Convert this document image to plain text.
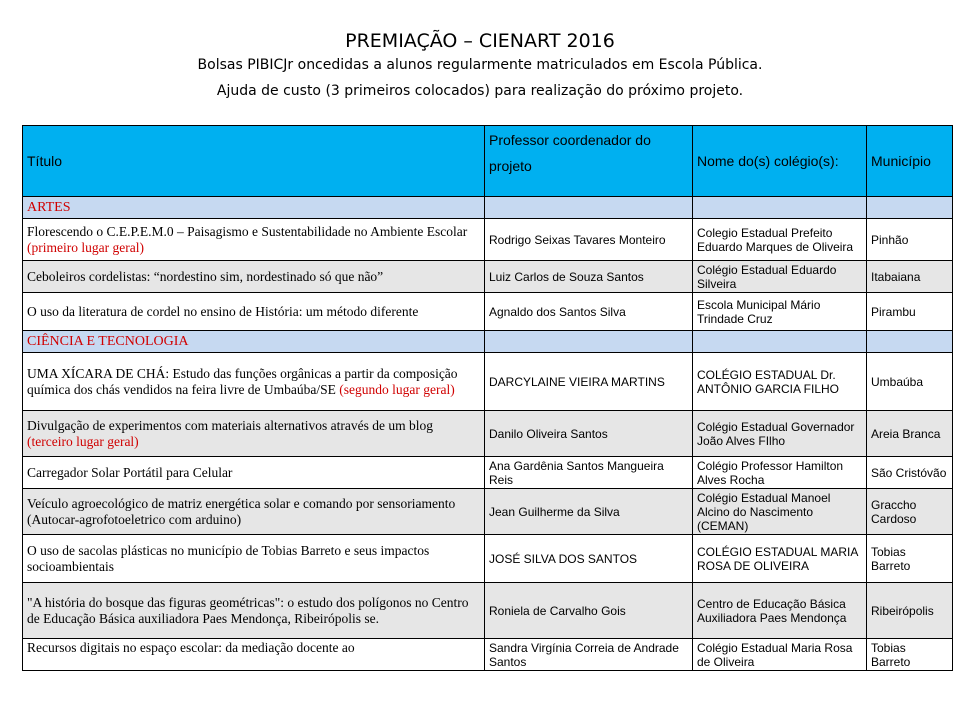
PREMIAÇÃO – CIENART 2016
Bolsas PIBICJr oncedidas a alunos regularmente matriculados em Escola Pública.
Ajuda de custo (3 primeiros colocados) para realização do próximo projeto.
Título	Professor coordenador do projeto	Nome do(s) colégio(s):	Município
ARTES			
Florescendo o C.E.P.E.M.0 – Paisagismo e Sustentabilidade no Ambiente Escolar (primeiro lugar geral)	Rodrigo Seixas Tavares Monteiro	Colegio Estadual Prefeito Eduardo Marques de Oliveira	Pinhão
Ceboleiros cordelistas: “nordestino sim, nordestinado só que não”	Luiz Carlos de Souza Santos	Colégio Estadual Eduardo Silveira	Itabaiana
O uso da literatura de cordel no ensino de História: um método diferente	Agnaldo dos Santos Silva	Escola Municipal Mário Trindade Cruz	Pirambu
CIÊNCIA E TECNOLOGIA			
UMA XÍCARA DE CHÁ: Estudo das funções orgânicas a partir da composição química dos chás vendidos na feira livre de Umbaúba/SE (segundo lugar geral)	DARCYLAINE VIEIRA MARTINS	COLÉGIO ESTADUAL Dr. ANTÔNIO GARCIA FILHO	Umbaúba
Divulgação de experimentos com materiais alternativos através de um blog (terceiro lugar geral)	Danilo Oliveira Santos	Colégio Estadual Governador João Alves FIlho	Areia Branca
Carregador Solar Portátil para Celular	Ana Gardênia Santos Mangueira Reis	Colégio Professor Hamilton Alves Rocha	São Cristóvão
Veículo agroecológico de matriz energética solar e comando por sensoriamento (Autocar-agrofotoeletrico com arduino)	Jean Guilherme da Silva	Colégio Estadual Manoel Alcino do Nascimento (CEMAN)	Graccho Cardoso
O uso de sacolas plásticas no município de Tobias Barreto e seus impactos socioambientais	JOSÉ SILVA DOS SANTOS	COLÉGIO ESTADUAL MARIA ROSA DE OLIVEIRA	Tobias Barreto
"A história do bosque das figuras geométricas": o estudo dos polígonos no Centro de Educação Básica auxiliadora Paes Mendonça, Ribeirópolis se.	Roniela de Carvalho Gois	Centro de Educação Básica Auxiliadora Paes Mendonça	Ribeirópolis
Recursos digitais no espaço escolar: da mediação docente ao	Sandra Virgínia Correia de Andrade Santos	Colégio Estadual Maria Rosa de Oliveira	Tobias Barreto
